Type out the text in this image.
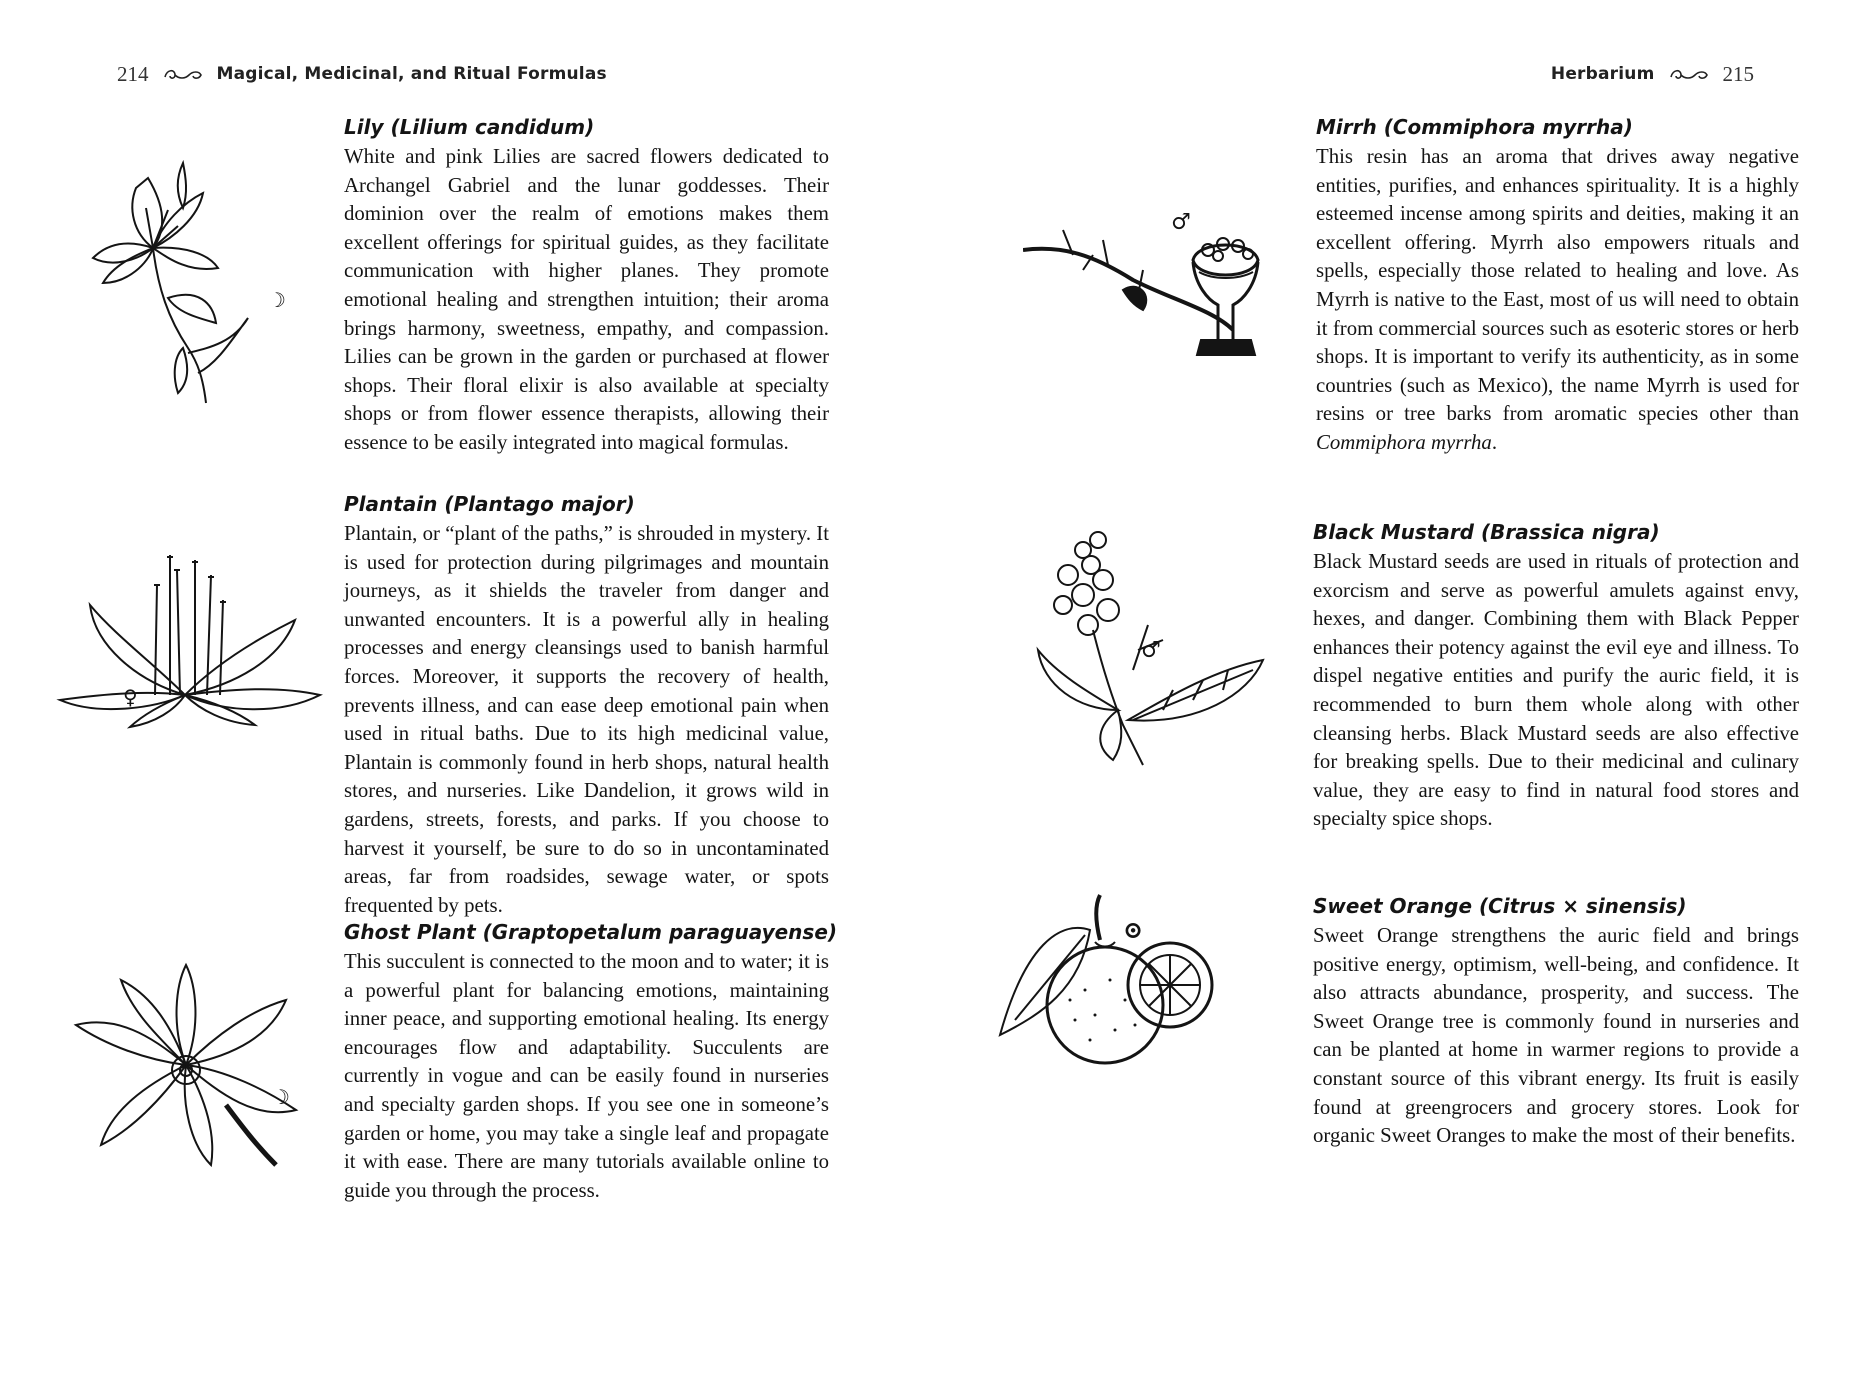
214	Magical, Medicinal, and Ritual Formulas
☽
Lily (Lilium candidum)

White and pink Lilies are sacred flowers dedicated to Archangel Gabriel and the lunar goddesses. Their dominion over the realm of emotions makes them excellent offerings for spiritual guides, as they facilitate communication with higher planes. They promote emotional healing and strengthen intuition; their aroma brings harmony, sweetness, empathy, and compassion. Lilies can be grown in the garden or purchased at flower shops. Their floral elixir is also available at specialty shops or from flower essence therapists, allowing their essence to be easily integrated into magical formulas.

♀
Plantain (Plantago major)

Plantain, or “plant of the paths,” is shrouded in mystery. It is used for protection during pilgrimages and mountain journeys, as it shields the traveler from danger and unwanted encounters. It is a powerful ally in healing processes and energy cleansings used to banish harmful forces. Moreover, it supports the recovery of health, prevents illness, and can ease deep emotional pain when used in ritual baths. Due to its high medicinal value, Plantain is commonly found in herb shops, natural health stores, and nurseries. Like Dandelion, it grows wild in gardens, streets, forests, and parks. If you choose to harvest it yourself, be sure to do so in uncontaminated areas, far from roadsides, sewage water, or spots frequented by pets.

☽
Ghost Plant (Graptopetalum paraguayense)

This succulent is connected to the moon and to water; it is a powerful plant for balancing emotions, maintaining inner peace, and supporting emotional healing. Its energy encourages flow and adaptability. Succulents are currently in vogue and can be easily found in nurseries and specialty garden shops. If you see one in someone’s garden or home, you may take a single leaf and propagate it with ease. There are many tutorials available online to guide you through the process.

Herbarium	215
♂
Mirrh (Commiphora myrrha)

This resin has an aroma that drives away negative entities, purifies, and enhances spirituality. It is a highly esteemed incense among spirits and deities, making it an excellent offering. Myrrh also empowers rituals and spells, especially those related to healing and love. As Myrrh is native to the East, most of us will need to obtain it from commercial sources such as esoteric stores or herb shops. It is important to verify its authenticity, as in some countries (such as Mexico), the name Myrrh is used for resins or tree barks from aromatic species other than Commiphora myrrha.

♂
Black Mustard (Brassica nigra)

Black Mustard seeds are used in rituals of protection and exorcism and serve as powerful amulets against envy, hexes, and danger. Combining them with Black Pepper enhances their potency against the evil eye and illness. To dispel negative entities and purify the auric field, it is recommended to burn them whole along with other cleansing herbs. Black Mustard seeds are also effective for breaking spells. Due to their medicinal and culinary value, they are easy to find in natural food stores and specialty spice shops.

⊙
Sweet Orange (Citrus × sinensis)

Sweet Orange strengthens the auric field and brings positive energy, optimism, well-being, and confidence. It also attracts abundance, prosperity, and success. The Sweet Orange tree is commonly found in nurseries and can be planted at home in warmer regions to provide a constant source of this vibrant energy. Its fruit is easily found at greengrocers and grocery stores. Look for organic Sweet Oranges to make the most of their benefits.
